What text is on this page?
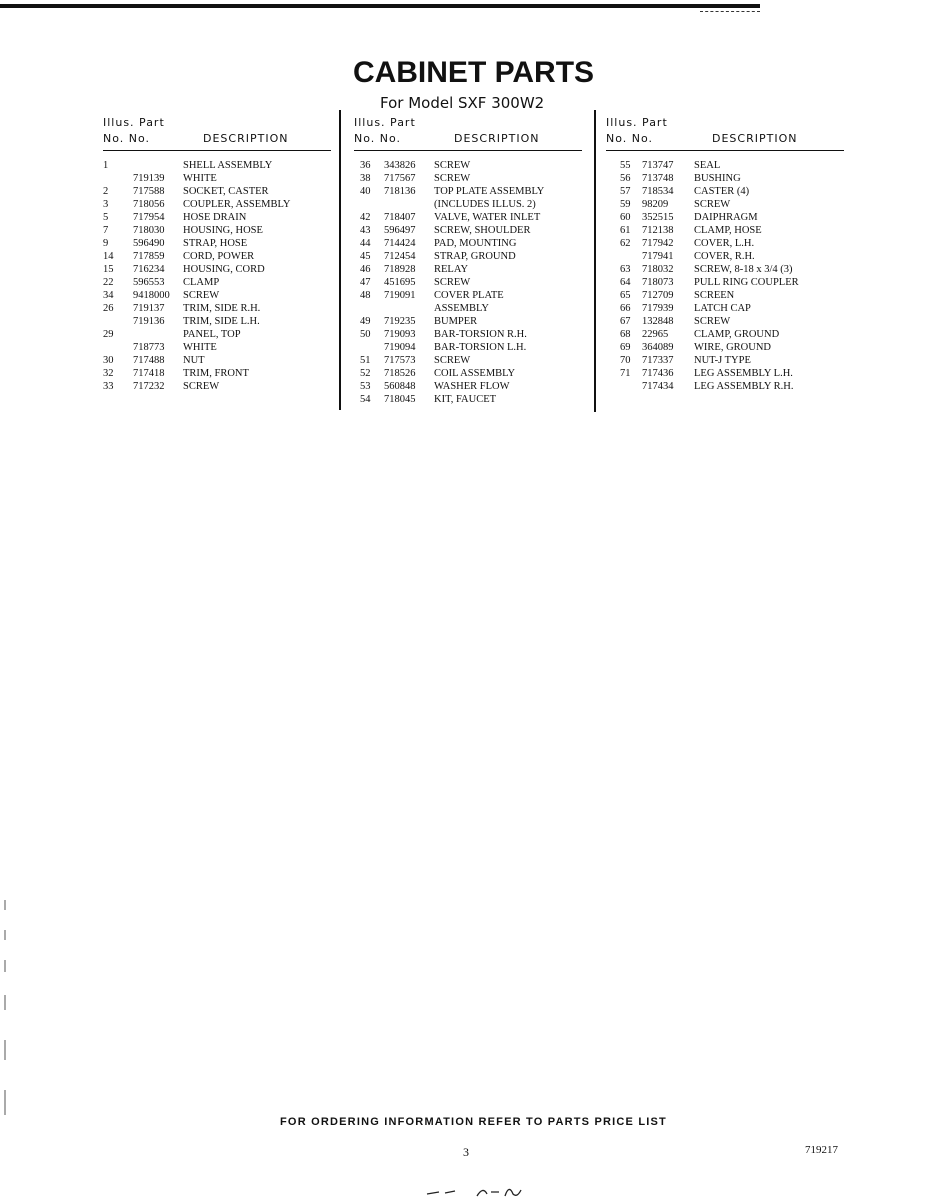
CABINET PARTS
For Model SXF 300W2
Illus. Part
No. No.	DESCRIPTION
1	SHELL ASSEMBLY
719139 WHITE
2 717588 SOCKET, CASTER
3 718056 COUPLER, ASSEMBLY
5 717954 HOSE DRAIN
7 718030 HOUSING, HOSE
9 596490 STRAP, HOSE
14 717859 CORD, POWER
15 716234 HOUSING, CORD
22 596553 CLAMP
34 9418000 SCREW
26 719137 TRIM, SIDE R.H.
719136 TRIM, SIDE L.H.
29	PANEL, TOP
718773 WHITE
30 717488 NUT
32 717418 TRIM, FRONT
33 717232 SCREW
Illus. Part
No. No.	DESCRIPTION
36 343826 SCREW
38 717567 SCREW
40 718136 TOP PLATE ASSEMBLY
(INCLUDES ILLUS. 2)
42 718407 VALVE, WATER INLET
43 596497 SCREW, SHOULDER
44 714424 PAD, MOUNTING
45 712454 STRAP, GROUND
46 718928 RELAY
47 451695 SCREW
48 719091 COVER PLATE
ASSEMBLY
49 719235 BUMPER
50 719093 BAR-TORSION R.H.
719094 BAR-TORSION L.H.
51 717573 SCREW
52 718526 COIL ASSEMBLY
53 560848 WASHER FLOW
54 718045 KIT, FAUCET
Illus. Part
No. No.	DESCRIPTION
55 713747 SEAL
56 713748 BUSHING
57 718534 CASTER (4)
59 98209 SCREW
60 352515 DAIPHRAGM
61 712138 CLAMP, HOSE
62 717942 COVER, L.H.
717941 COVER, R.H.
63 718032 SCREW, 8-18 x 3/4 (3)
64 718073 PULL RING COUPLER
65 712709 SCREEN
66 717939 LATCH CAP
67 132848 SCREW
68 22965 CLAMP, GROUND
69 364089 WIRE, GROUND
70 717337 NUT-J TYPE
71 717436 LEG ASSEMBLY L.H.
717434 LEG ASSEMBLY R.H.
FOR ORDERING INFORMATION REFER TO PARTS PRICE LIST
3	719217
